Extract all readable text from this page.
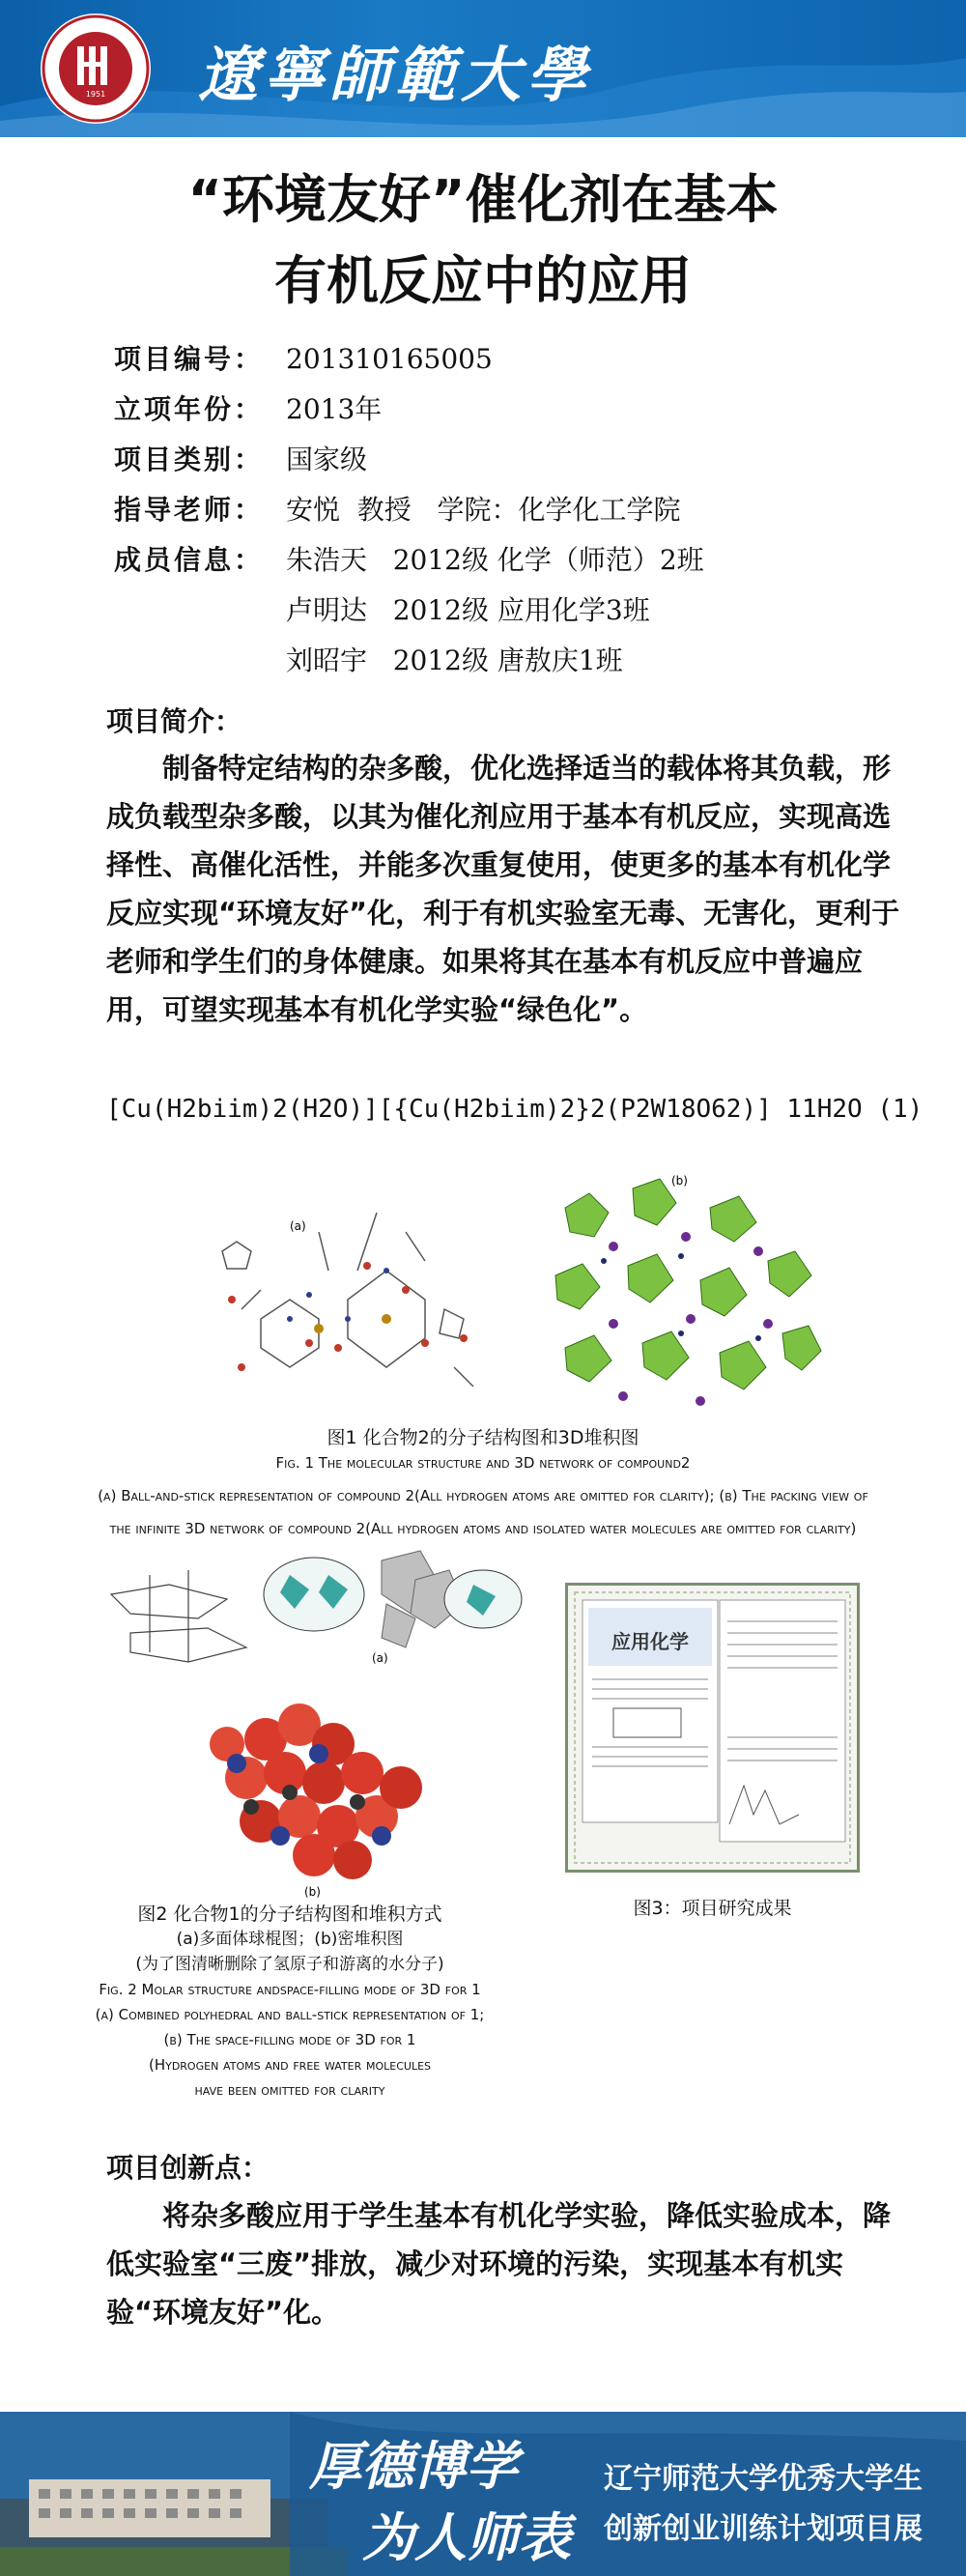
1951 遼寧師範大學
“环境友好”催化剂在基本
有机反应中的应用
项目编号： 201310165005
立项年份： 2013年
项目类别： 国家级
指导老师： 安悦  教授   学院：化学化工学院
成员信息： 朱浩天   2012级 化学（师范）2班
卢明达   2012级 应用化学3班
刘昭宇   2012级 唐敖庆1班
项目简介：
制备特定结构的杂多酸，优化选择适当的载体将其负载，形成负载型杂多酸，以其为催化剂应用于基本有机反应，实现高选择性、高催化活性，并能多次重复使用，使更多的基本有机化学反应实现“环境友好”化，利于有机实验室无毒、无害化，更利于老师和学生们的身体健康。如果将其在基本有机反应中普遍应用，可望实现基本有机化学实验“绿色化”。
[Cu(H2biim)2(H2O)][{Cu(H2biim)2}2(P2W18O62)] 11H2O (1)
(a)
(b)
图1 化合物2的分子结构图和3D堆积图
Fig. 1 The molecular structure and 3D network of compound2
(a) Ball-and-stick representation of compound 2(All hydrogen atoms are omitted for clarity); (b) The packing view of
the infinite 3D network of compound 2(All hydrogen atoms and isolated water molecules are omitted for clarity)
(a)
(b)
图2 化合物1的分子结构图和堆积方式
(a)多面体球棍图；(b)密堆积图
(为了图清晰删除了氢原子和游离的水分子)
Fig. 2 Molar structure andspace-filling mode of 3D for 1
(a) Combined polyhedral and ball-stick representation of 1;
(b) The space-filling mode of 3D for 1
(Hydrogen atoms and free water molecules
have been omitted for clarity
应用化学
图3：项目研究成果
项目创新点：
将杂多酸应用于学生基本有机化学实验，降低实验成本，降低实验室“三废”排放，减少对环境的污染，实现基本有机实验“环境友好”化。
厚德博学
为人师表
辽宁师范大学优秀大学生
创新创业训练计划项目展
